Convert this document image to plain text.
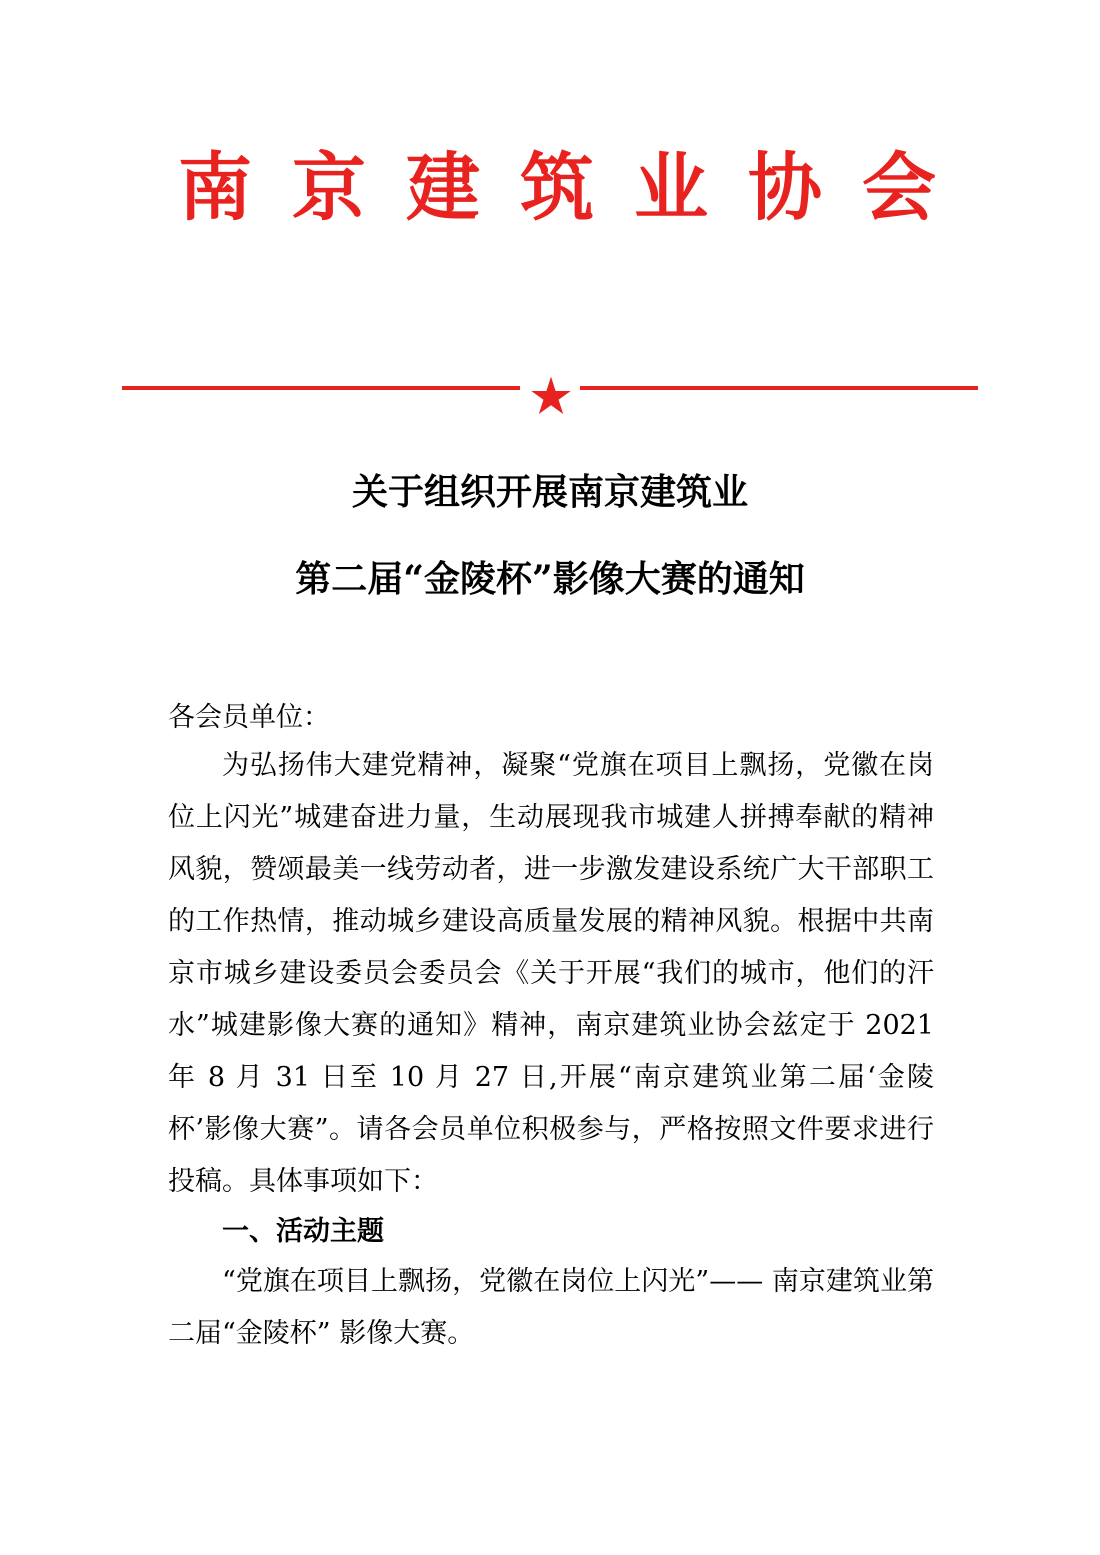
南京建筑业协会
关于组织开展南京建筑业
第二届“金陵杯”影像大赛的通知
各会员单位：

为弘扬伟大建党精神，凝聚“党旗在项目上飘扬，党徽在岗位上闪光”城建奋进力量，生动展现我市城建人拼搏奉献的精神风貌，赞颂最美一线劳动者，进一步激发建设系统广大干部职工的工作热情，推动城乡建设高质量发展的精神风貌。根据中共南京市城乡建设委员会委员会《关于开展“我们的城市，他们的汗水”城建影像大赛的通知》精神，南京建筑业协会兹定于 2021 年 8 月 31 日至 10 月 27 日,开展“南京建筑业第二届‘金陵杯’影像大赛”。请各会员单位积极参与，严格按照文件要求进行投稿。具体事项如下：

一、活动主题

“党旗在项目上飘扬，党徽在岗位上闪光”—— 南京建筑业第二届“金陵杯” 影像大赛。
